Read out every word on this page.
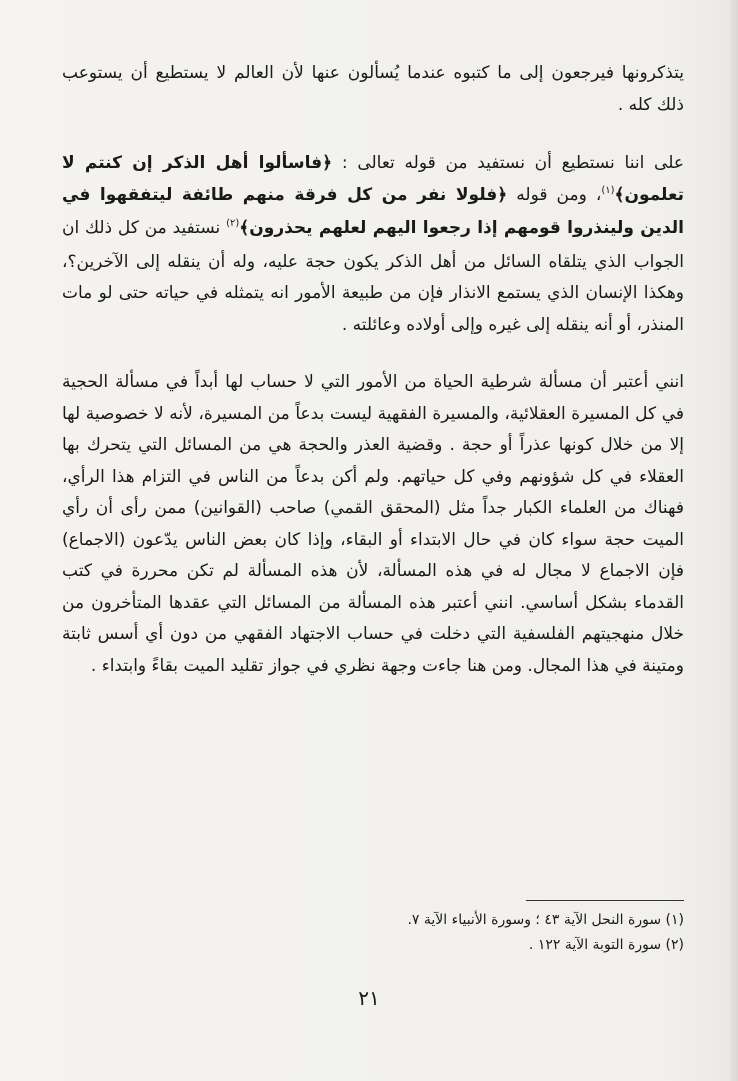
يتذكرونها فيرجعون إلى ما كتبوه عندما يُسألون عنها لأن العالم لا يستطيع أن يستوعب ذلك كله .

على اننا نستطيع أن نستفيد من قوله تعالى : ﴿فاسألوا أهل الذكر إن كنتم لا تعلمون﴾$^{(١)}$، ومن قوله ﴿فلولا نفر من كل فرقة منهم طائفة ليتفقهوا في الدين ولينذروا قومهم إذا رجعوا اليهم لعلهم يحذرون﴾$^{(٢)}$ نستفيد من كل ذلك ان الجواب الذي يتلقاه السائل من أهل الذكر يكون حجة عليه، وله أن ينقله إلى الآخرين؟، وهكذا الإنسان الذي يستمع الانذار فإن من طبيعة الأمور انه يتمثله في حياته حتى لو مات المنذر، أو أنه ينقله إلى غيره وإلى أولاده وعائلته .

انني أعتبر أن مسألة شرطية الحياة من الأمور التي لا حساب لها أبداً في مسألة الحجية في كل المسيرة العقلائية، والمسيرة الفقهية ليست بدعاً من المسيرة، لأنه لا خصوصية لها إلا من خلال كونها عذراً أو حجة . وقضية العذر والحجة هي من المسائل التي يتحرك بها العقلاء في كل شؤونهم وفي كل حياتهم. ولم أكن بدعاً من الناس في التزام هذا الرأي، فهناك من العلماء الكبار جداً مثل (المحقق القمي) صاحب (القوانين) ممن رأى أن رأي الميت حجة سواء كان في حال الابتداء أو البقاء، وإذا كان بعض الناس يدّعون (الاجماع) فإن الاجماع لا مجال له في هذه المسألة، لأن هذه المسألة لم تكن محررة في كتب القدماء بشكل أساسي. انني أعتبر هذه المسألة من المسائل التي عقدها المتأخرون من خلال منهجيتهم الفلسفية التي دخلت في حساب الاجتهاد الفقهي من دون أي أسس ثابتة ومتينة في هذا المجال. ومن هنا جاءت وجهة نظري في جواز تقليد الميت بقاءً وابتداء .

(١) سورة النحل الآية ٤٣ ؛ وسورة الأنبياء الآية ٧.

(٢) سورة التوبة الآية ١٢٢ .

٢١
